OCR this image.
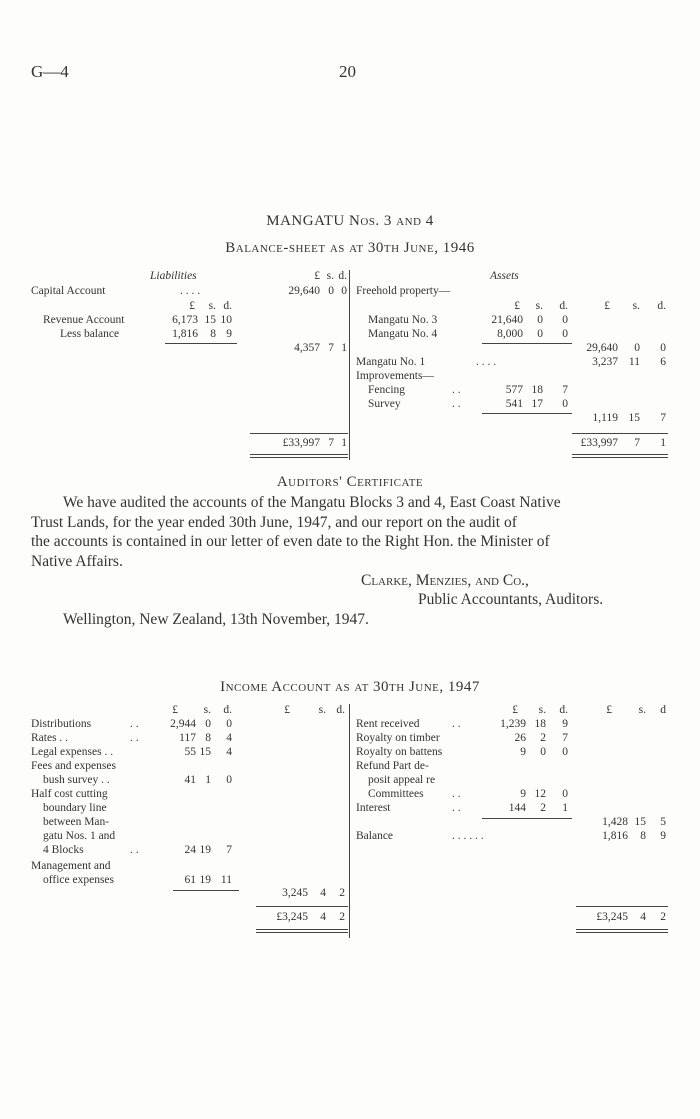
G—4	20
MANGATU Nos. 3 and 4
Balance-sheet as at 30th June, 1946
Liabilities	£ s. d.	Assets
Capital Account	. . . .	29,640 0 0
£	s. d.
Revenue Account	6,173 15 10
Less balance	1,816	8 9
4,357 7 1
£33,997 7 1
Freehold property—
£	s.	d.	£	s.	d.
Mangatu No. 3	21,640	0	0
Mangatu No. 4	8,000	0	0
29,640	0	0
Mangatu No. 1	. . . .	3,237 11	6
Improvements—
Fencing	. .	577 18	7
Survey	. .	541 17	0
1,119 15	7
£33,997	7	1
Auditors' Certificate
We have audited the accounts of the Mangatu Blocks 3 and 4, East Coast Native
Trust Lands, for the year ended 30th June, 1947, and our report on the audit of
the accounts is contained in our letter of even date to the Right Hon. the Minister of
Native Affairs.
Clarke, Menzies, and Co.,
Public Accountants, Auditors.
Wellington, New Zealand, 13th November, 1947.
Income Account as at 30th June, 1947
£	s.	d.	£	s. d.	£	s.	d.	£	s.	d
Distributions	. .	2,944 0	0
Rates . .	. .	117 8	4
Legal expenses . .	55 15	4
Fees and expenses
bush survey . .	41 1	0
Half cost cutting
boundary line
between Man-
gatu Nos. 1 and
4 Blocks	. .	24 19	7
Management and
office expenses	61 19 11
3,245	4	2
£3,245	4	2
Rent received	. .	1,239 18	9
Royalty on timber	26	2	7
Royalty on battens	9	0	0
Refund Part de-
posit appeal re
Committees . .	9 12	0
Interest	. .	144	2	1
1,428 15	5
Balance	. . . . . .	1,816	8	9
£3,245	4	2
